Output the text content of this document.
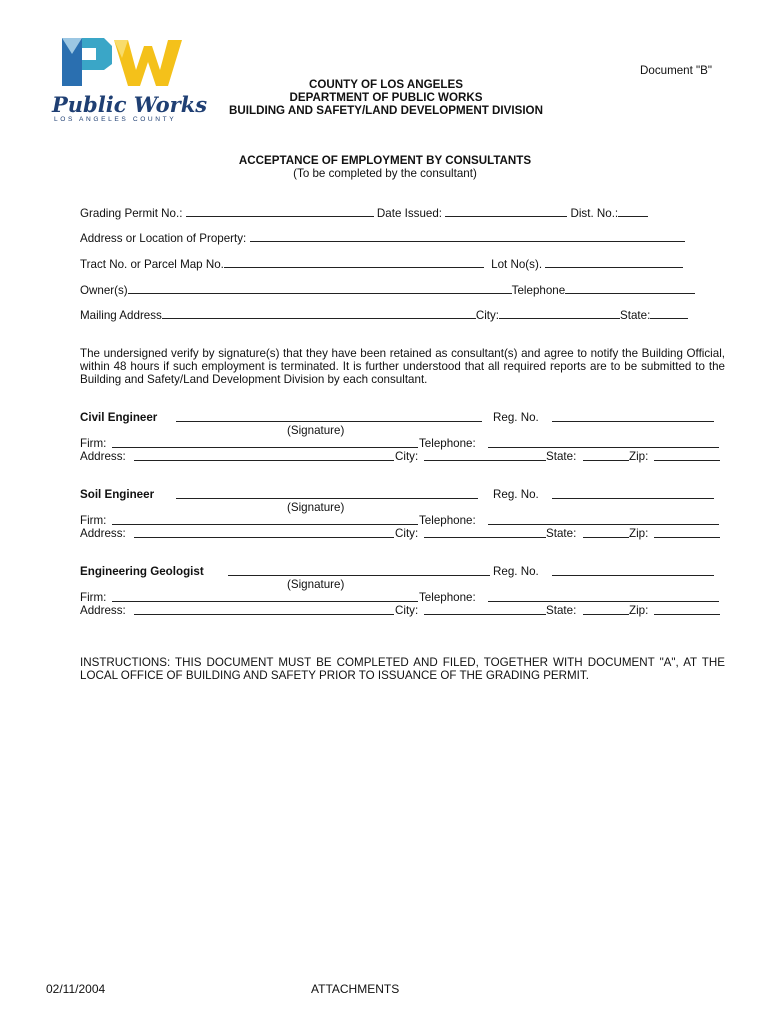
Public Works
LOS ANGELES COUNTY
Document "B"
COUNTY OF LOS ANGELES
DEPARTMENT OF PUBLIC WORKS
BUILDING AND SAFETY/LAND DEVELOPMENT DIVISION
ACCEPTANCE OF EMPLOYMENT BY CONSULTANTS
(To be completed by the consultant)
Grading Permit No.:	Date Issued:	Dist. No.:
Address or Location of Property:
Tract No. or Parcel Map No.	Lot No(s).
Owner(s)	Telephone
Mailing Address	City:	State:
The undersigned verify by signature(s) that they have been retained as consultant(s) and agree to notify the Building Official, within 48 hours if such employment is terminated. It is further understood that all required reports are to be submitted to the Building and Safety/Land Development Division by each consultant.
Civil Engineer	Reg. No.
(Signature)
Firm:	Telephone:
Address:	City:	State:	Zip:
Soil Engineer	Reg. No.
(Signature)
Firm:	Telephone:
Address:	City:	State:	Zip:
Engineering Geologist	Reg. No.
(Signature)
Firm:	Telephone:
Address:	City:	State:	Zip:
INSTRUCTIONS: THIS DOCUMENT MUST BE COMPLETED AND FILED, TOGETHER WITH DOCUMENT "A", AT THE LOCAL OFFICE OF BUILDING AND SAFETY PRIOR TO ISSUANCE OF THE GRADING PERMIT.
02/11/2004	ATTACHMENTS
